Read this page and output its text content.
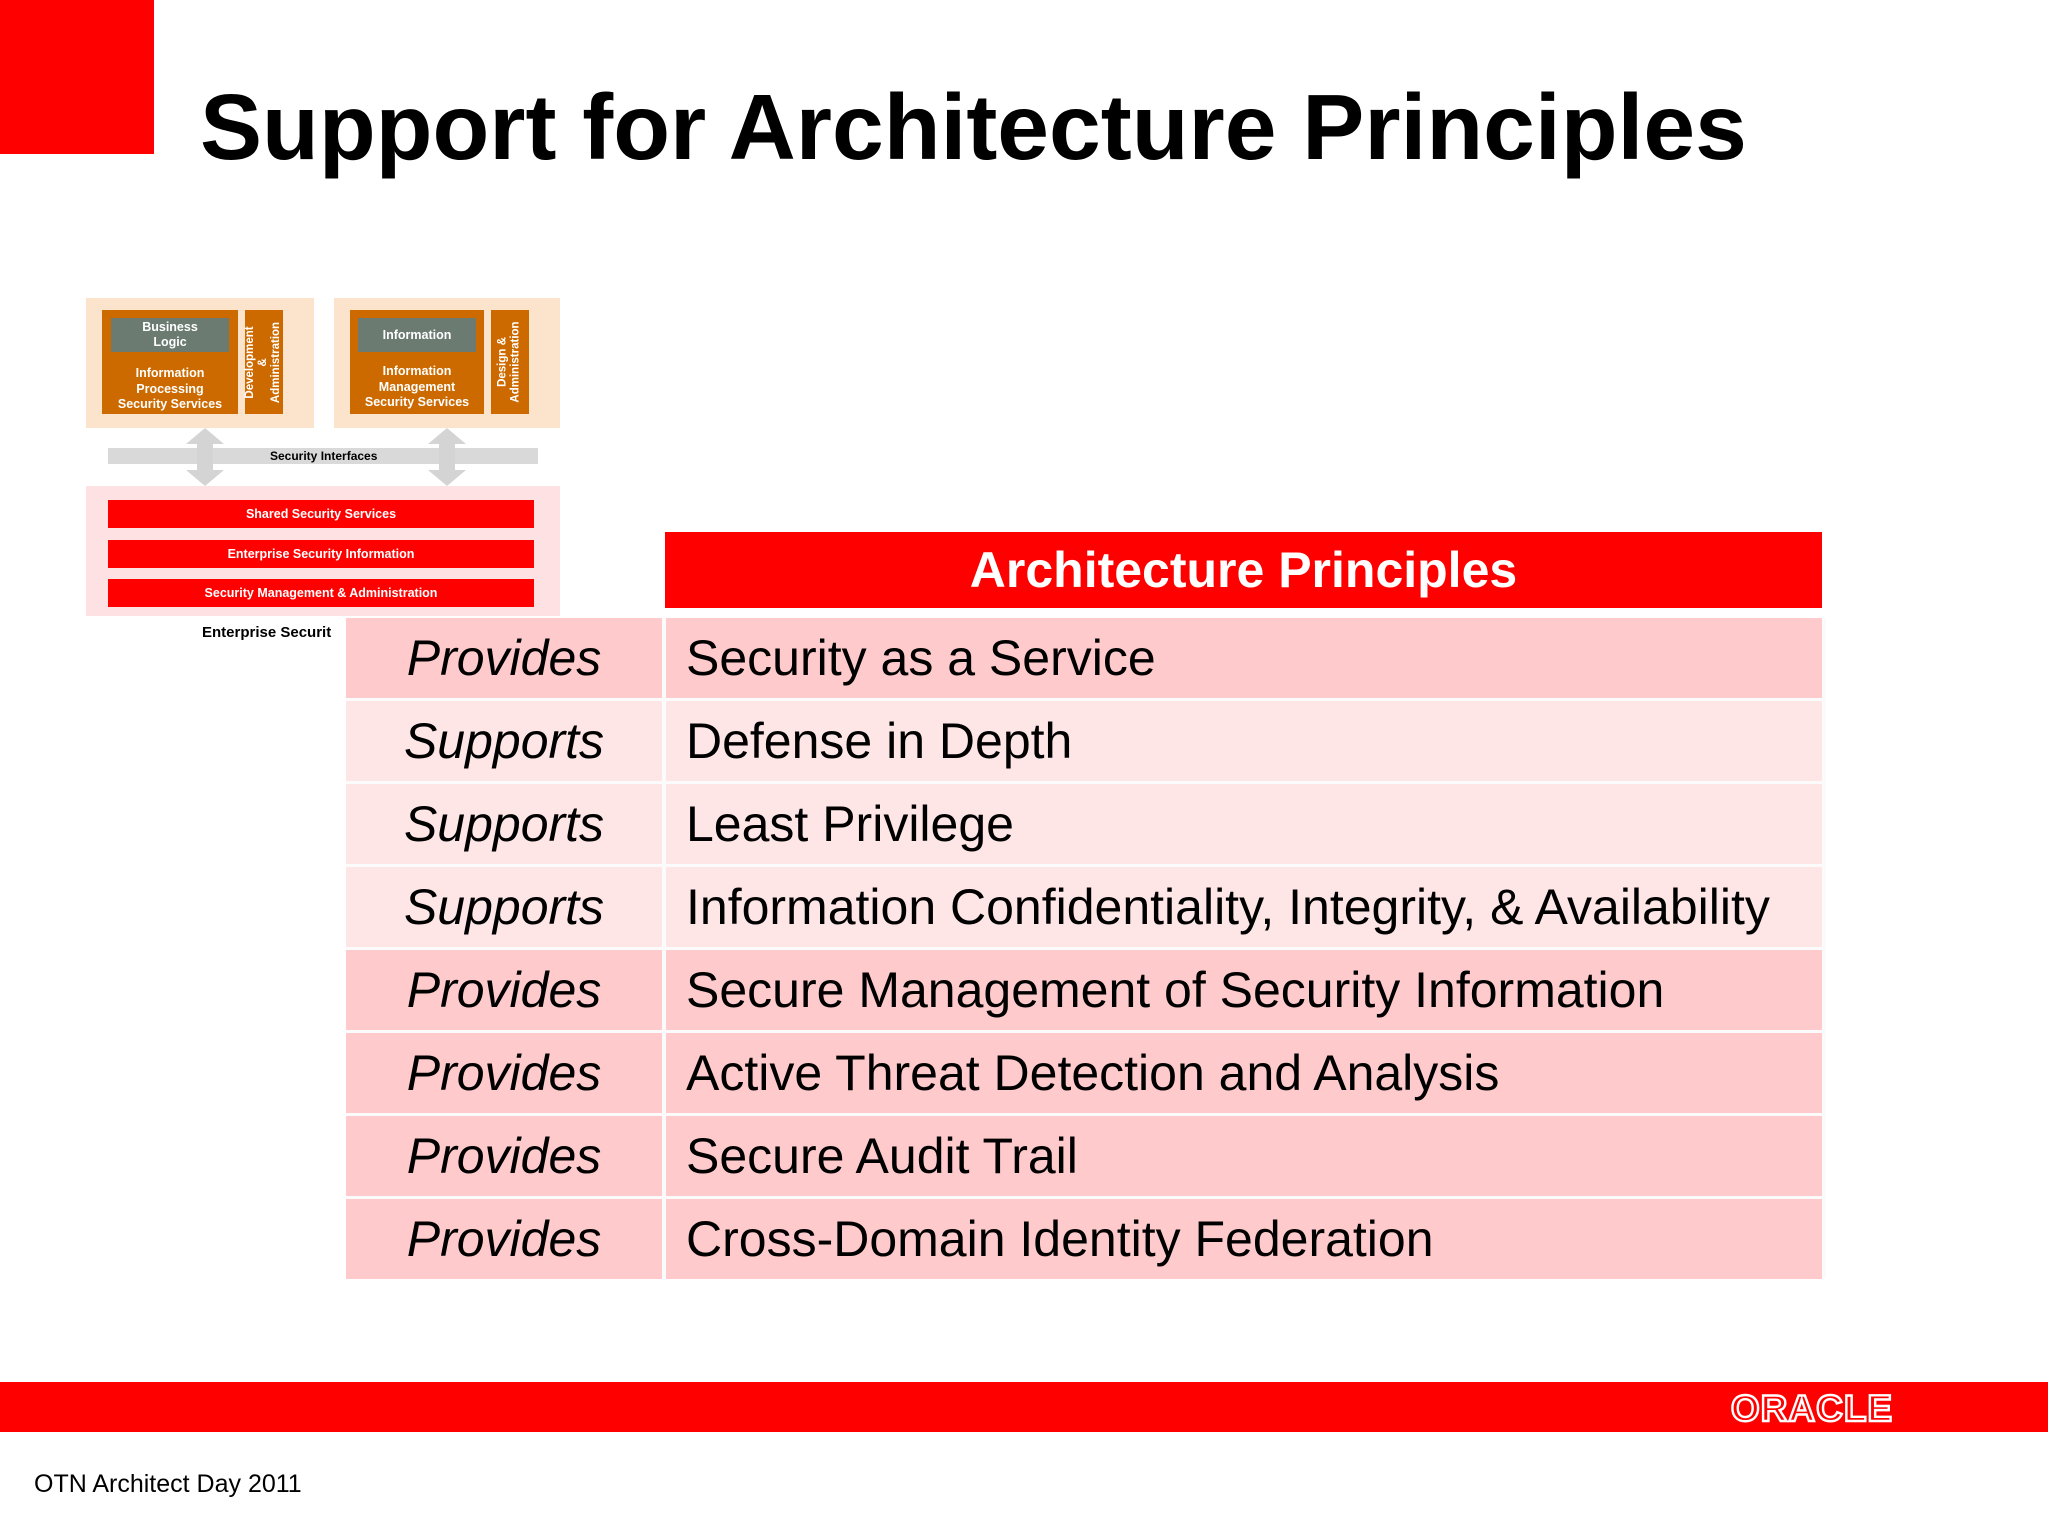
Support for Architecture Principles
Business
Logic
Information
Processing
Security Services
Development &
Administration	Information
Information
Management
Security Services
Design &
Administration
Security Interfaces
Shared Security Services
Enterprise Security Information
Security Management & Administration
Enterprise Securit
Architecture Principles
Provides	Security as a Service
Supports	Defense in Depth
Supports	Least Privilege
Supports	Information Confidentiality, Integrity, & Availability
Provides	Secure Management of Security Information
Provides	Active Threat Detection and Analysis
Provides	Secure Audit Trail
Provides	Cross-Domain Identity Federation
ORACLE
OTN Architect Day 2011
